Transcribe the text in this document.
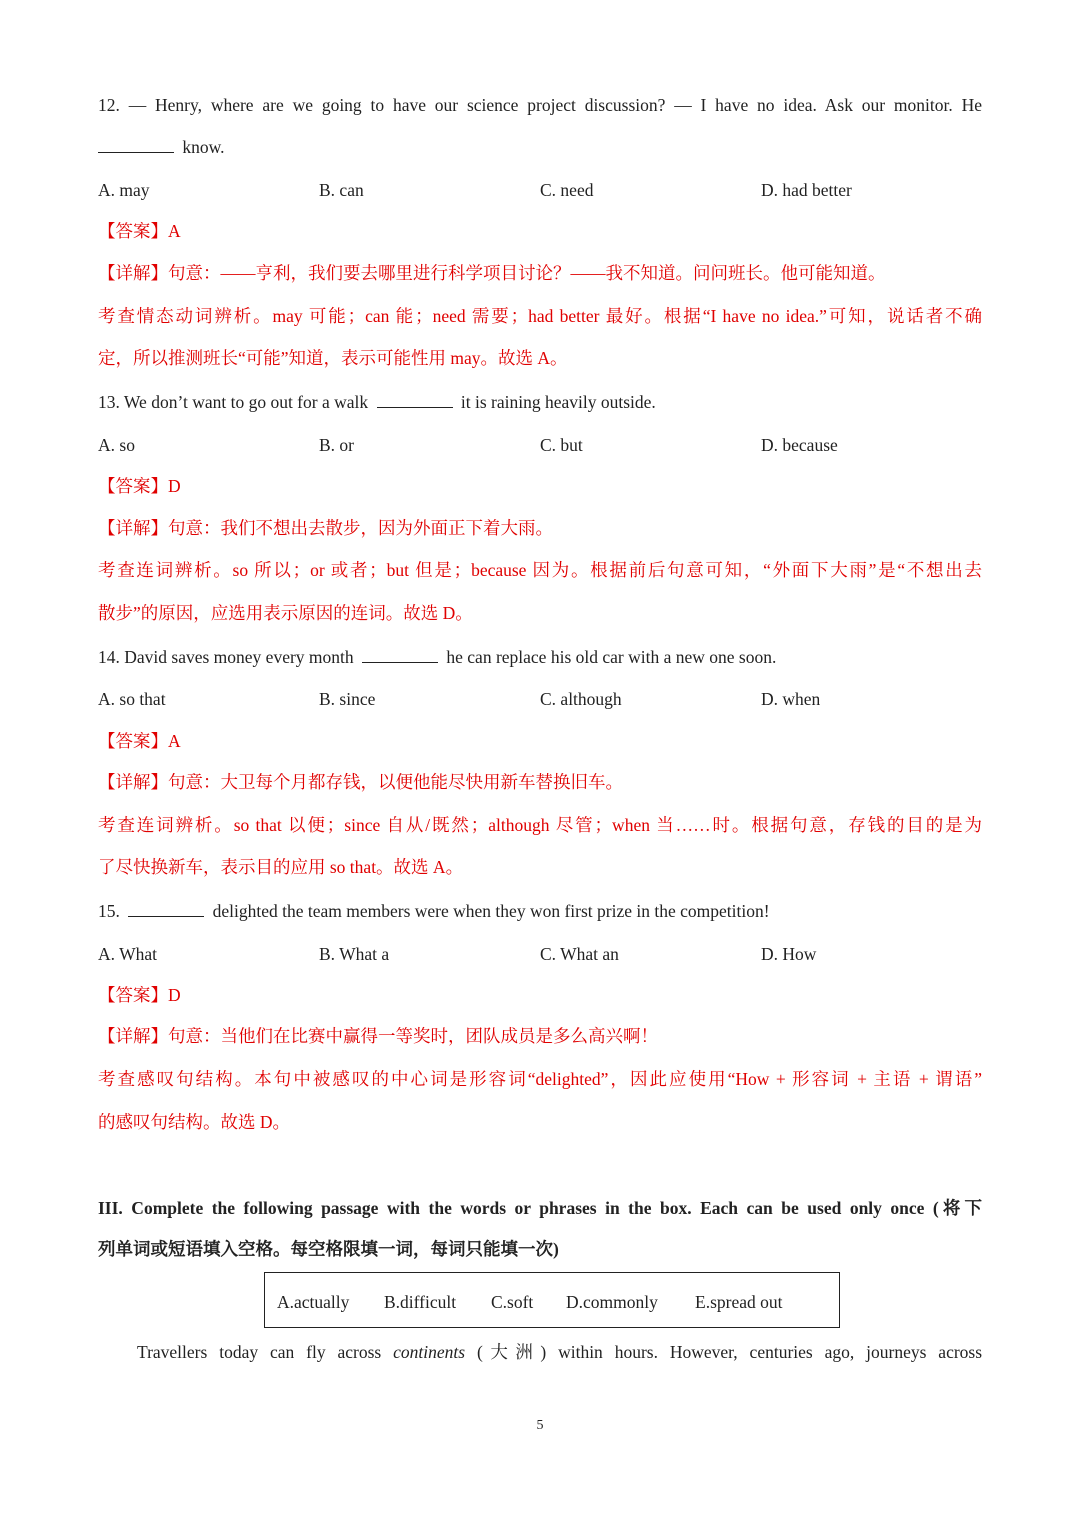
12. — Henry, where are we going to have our science project discussion? — I have no idea. Ask our monitor. He
know.
A. may	B. can	C. need	D. had better
【答案】A
【详解】句意：——亨利，我们要去哪里进行科学项目讨论？——我不知道。问问班长。他可能知道。
考查情态动词辨析。may 可能；can 能；need 需要；had better 最好。根据“I have no idea.”可知，说话者不确
定，所以推测班长“可能”知道，表示可能性用 may。故选 A。
13. We don’t want to go out for a walk	it is raining heavily outside.
A. so	B. or	C. but	D. because
【答案】D
【详解】句意：我们不想出去散步，因为外面正下着大雨。
考查连词辨析。so 所以；or 或者；but 但是；because 因为。根据前后句意可知，“外面下大雨”是“不想出去
散步”的原因，应选用表示原因的连词。故选 D。
14. David saves money every month	he can replace his old car with a new one soon.
A. so that	B. since	C. although	D. when
【答案】A
【详解】句意：大卫每个月都存钱，以便他能尽快用新车替换旧车。
考查连词辨析。so that 以便；since 自从/既然；although 尽管；when 当……时。根据句意，存钱的目的是为
了尽快换新车，表示目的应用 so that。故选 A。
15.	delighted the team members were when they won first prize in the competition!
A. What	B. What a	C. What an	D. How
【答案】D
【详解】句意：当他们在比赛中赢得一等奖时，团队成员是多么高兴啊！
考查感叹句结构。本句中被感叹的中心词是形容词“delighted”，因此应使用“How + 形容词 + 主语 + 谓语”
的感叹句结构。故选 D。
III. Complete the following passage with the words or phrases in the box. Each can be used only once (将下
列单词或短语填入空格。每空格限填一词，每词只能填一次)
A.actually B.difficult C.soft D.commonly E.spread out
Travellers today can fly across continents (大洲) within hours. However, centuries ago, journeys across
5
